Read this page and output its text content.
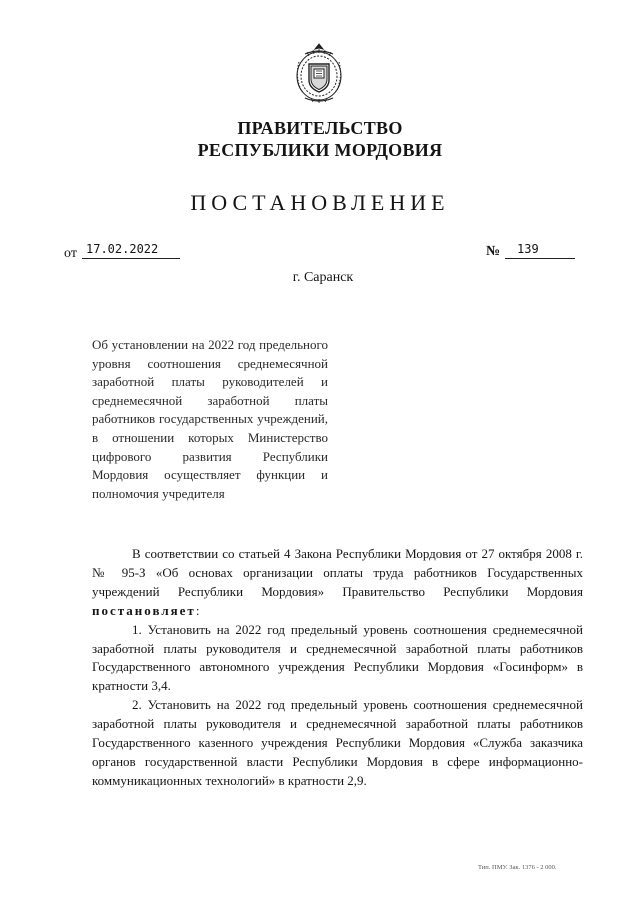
ПРАВИТЕЛЬСТВО
РЕСПУБЛИКИ МОРДОВИЯ
ПОСТАНОВЛЕНИЕ
от 17.02.2022	№	139
г. Саранск
Об установлении на 2022 год предельного уровня соотношения среднемесячной заработной платы руководителей и среднемесячной заработной платы работников государственных учреждений, в отношении которых Министерство цифрового развития Республики Мордовия осуществляет функции и полномочия учредителя

В соответствии со статьей 4 Закона Республики Мордовия от 27 октября 2008 г. № 95-З «Об основах организации оплаты труда работников Государственных учреждений Республики Мордовия» Правительство Республики Мордовия постановляет:

1. Установить на 2022 год предельный уровень соотношения среднемесячной заработной платы руководителя и среднемесячной заработной платы работников Государственного автономного учреждения Республики Мордовия «Госинформ» в кратности 3,4.

2. Установить на 2022 год предельный уровень соотношения среднемесячной заработной платы руководителя и среднемесячной заработной платы работников Государственного казенного учреждения Республики Мордовия «Служба заказчика органов государственной власти Республики Мордовия в сфере информационно-коммуникационных технологий» в кратности 2,9.

Тип. ПМУ. Зак. 1376 - 2 000.
